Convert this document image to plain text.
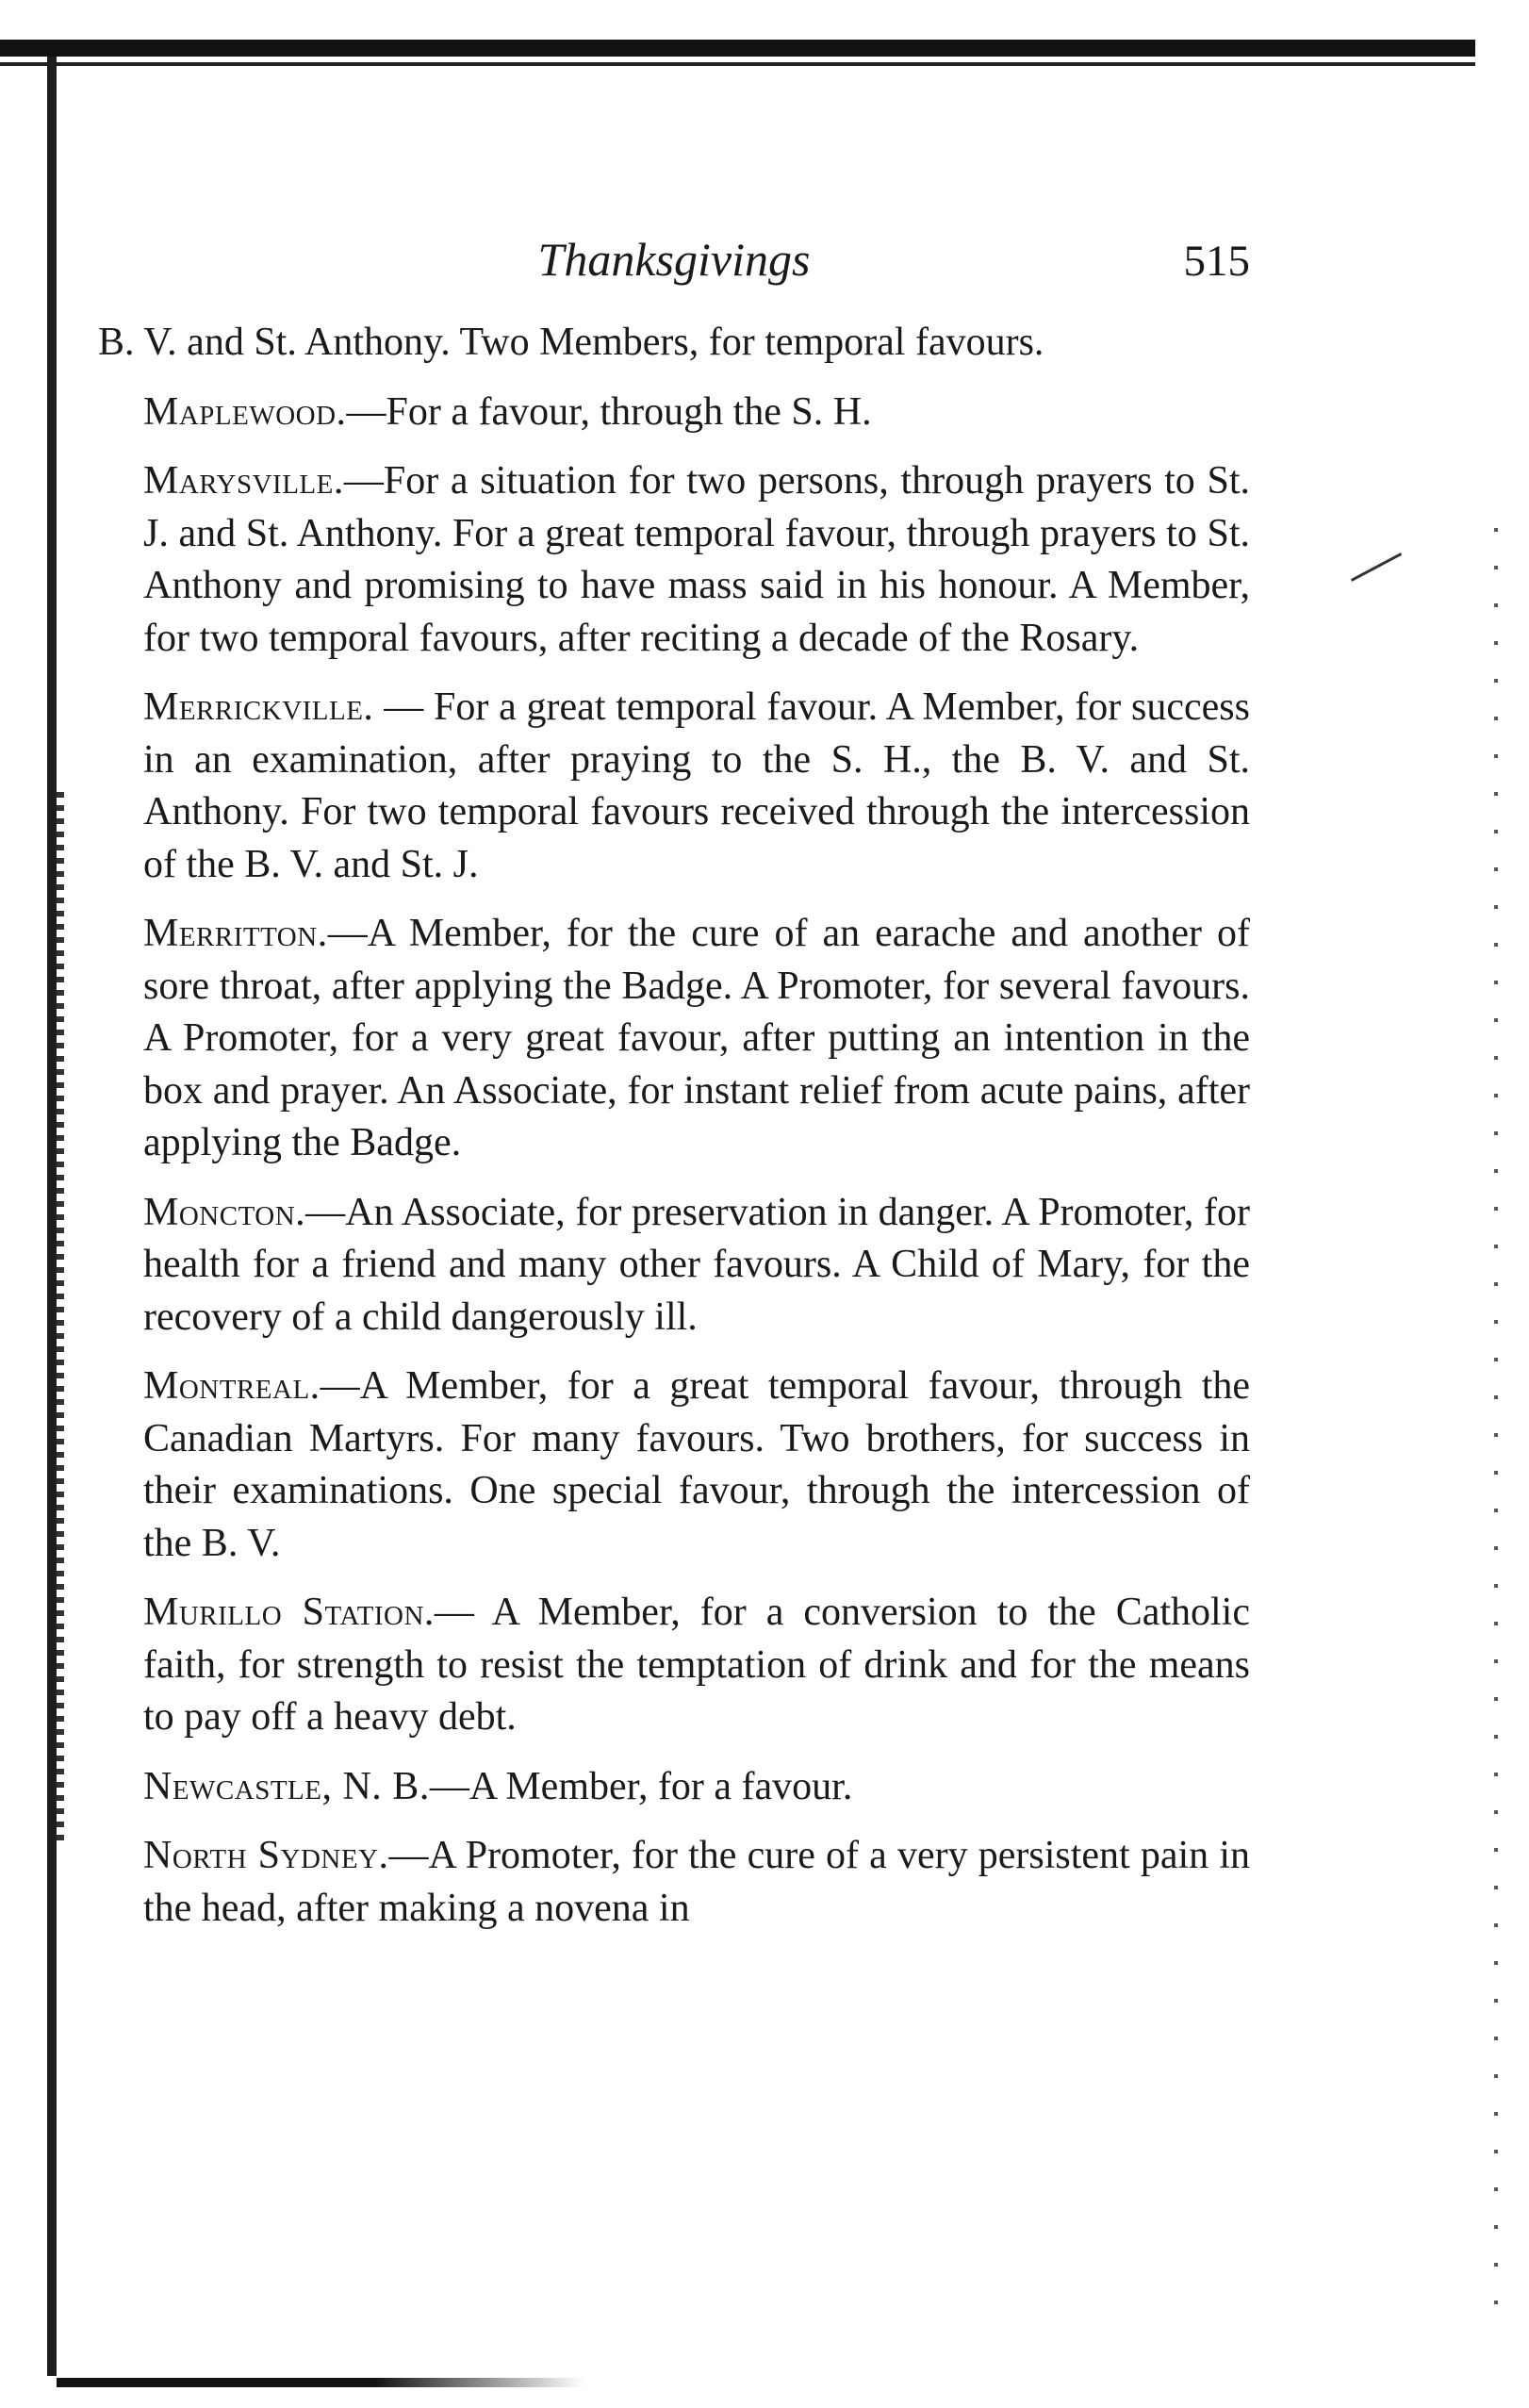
Thanksgivings	515

B. V. and St. Anthony. Two Members, for temporal favours.

Maplewood.—For a favour, through the S. H.

Marysville.—For a situation for two persons, through prayers to St. J. and St. Anthony. For a great temporal favour, through prayers to St. Anthony and promising to have mass said in his honour. A Member, for two temporal favours, after reciting a decade of the Rosary.

Merrickville. — For a great temporal favour. A Member, for success in an examination, after praying to the S. H., the B. V. and St. Anthony. For two temporal favours received through the intercession of the B. V. and St. J.

Merritton.—A Member, for the cure of an earache and another of sore throat, after applying the Badge. A Promoter, for several favours. A Promoter, for a very great favour, after putting an intention in the box and prayer. An Associate, for instant relief from acute pains, after applying the Badge.

Moncton.—An Associate, for preservation in danger. A Promoter, for health for a friend and many other favours. A Child of Mary, for the recovery of a child dangerously ill.

Montreal.—A Member, for a great temporal favour, through the Canadian Martyrs. For many favours. Two brothers, for success in their examinations. One special favour, through the intercession of the B. V.

Murillo Station.— A Member, for a conversion to the Catholic faith, for strength to resist the temptation of drink and for the means to pay off a heavy debt.

Newcastle, N. B.—A Member, for a favour.

North Sydney.—A Promoter, for the cure of a very persistent pain in the head, after making a novena in
